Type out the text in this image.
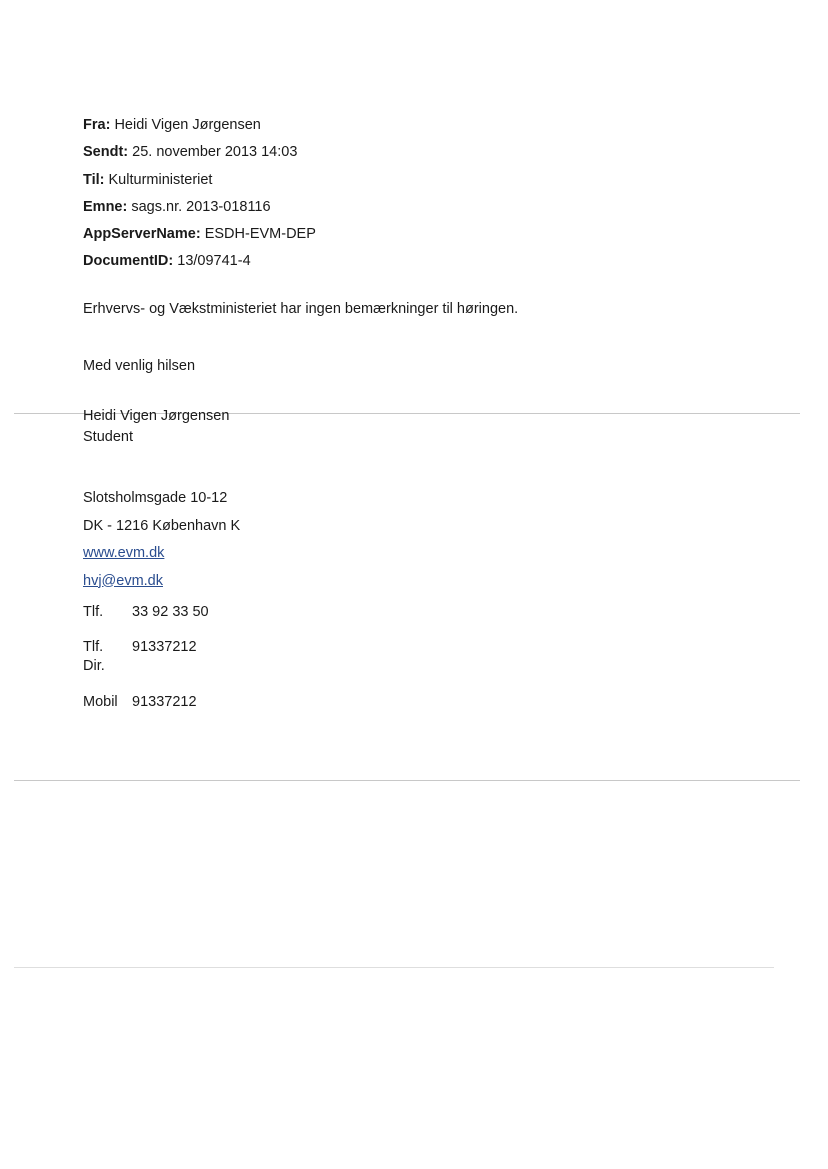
Fra: Heidi Vigen Jørgensen
Sendt: 25. november 2013 14:03
Til: Kulturministeriet
Emne: sags.nr. 2013-018116
AppServerName: ESDH-EVM-DEP
DocumentID: 13/09741-4
Erhvervs- og Vækstministeriet har ingen bemærkninger til høringen.
Med venlig hilsen
Heidi Vigen Jørgensen
Student
Slotsholmsgade 10-12
DK - 1216 København K
www.evm.dk
hvj@evm.dk
Tlf. 33 92 33 50
Tlf.
Dir.91337212
Mobil 91337212
